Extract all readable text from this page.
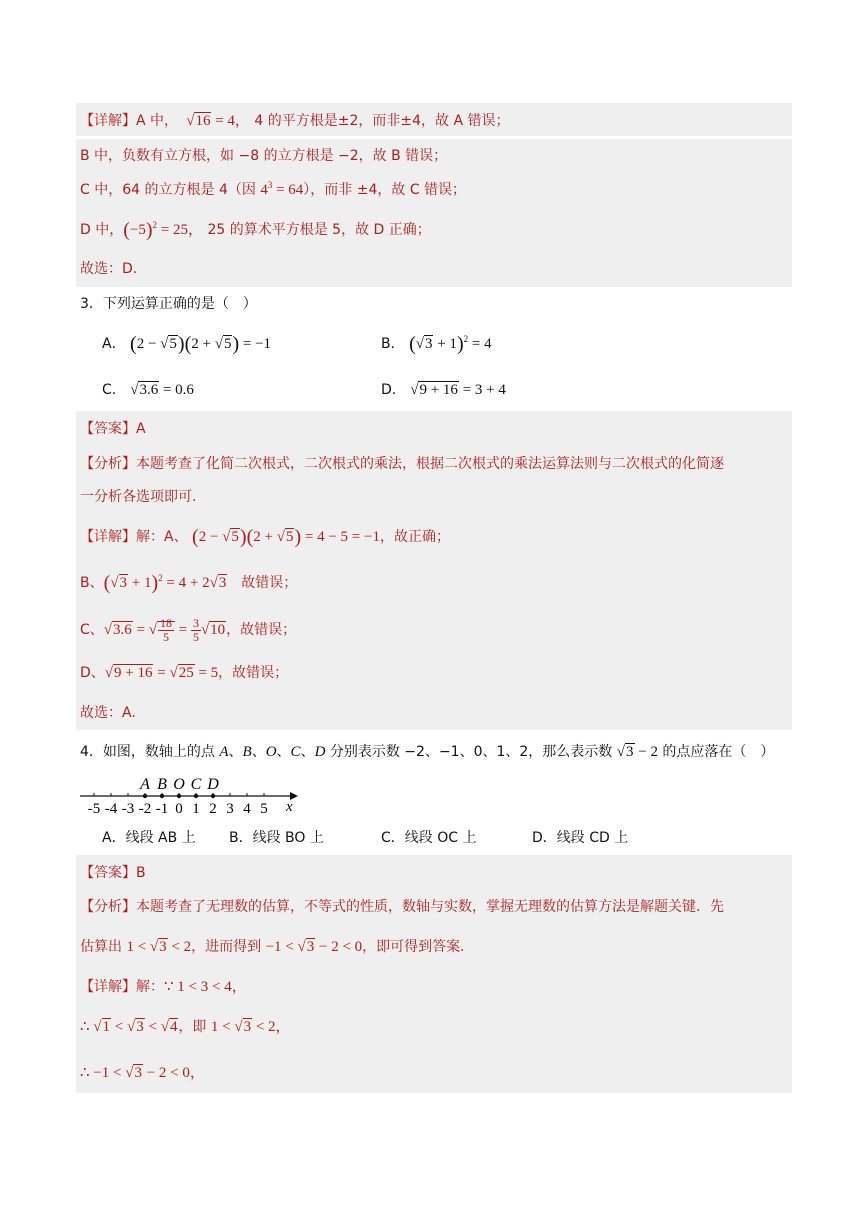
【详解】A 中，  √16 = 4， 4 的平方根是±2，而非±4，故 A 错误；
B 中，负数有立方根，如 −8 的立方根是 −2，故 B 错误；
C 中，64 的立方根是 4（因 $4^3 = 64$），而非 ±4，故 C 错误；
D 中，$(-5)^2 = 25$， 25 的算术平方根是 5，故 D 正确；
故选：D.
3．下列运算正确的是（　）
A． (2 − √5)(2 + √5) = −1	B． $(√3 + 1)^2 = 4$
C． √3.6 = 0.6	D． √9 + 16 = 3 + 4
【答案】A
【分析】本题考查了化简二次根式，二次根式的乘法，根据二次根式的乘法运算法则与二次根式的化简逐
一分析各选项即可.
【详解】解：A、 (2 − √5)(2 + √5) = 4 − 5 = −1，故正确；
B、$(√3 + 1)^2 = 4 + 2√3$　故错误；
C、√3.6 = √ $\frac{18}{5} = \frac{3}{5} √10$，故错误；
D、√9 + 16 = √25 = 5，故错误；
故选：A.
4．如图，数轴上的点 A、B、O、C、D 分别表示数 −2、−1、0、1、2，那么表示数 √3 − 2 的点应落在（　）
-5 -4 -3 -2 -1 0 1 2 3 4 5
A B O C D
x
A．线段 AB 上 B．线段 BO 上	C．线段 OC 上	D．线段 CD 上
【答案】B
【分析】本题考查了无理数的估算，不等式的性质，数轴与实数，掌握无理数的估算方法是解题关键．先
估算出 1 < √3 < 2，进而得到 −1 < √3 − 2 < 0，即可得到答案.
【详解】解：∵ 1 < 3 < 4，
∴ √1 < √3 < √4，即 1 < √3 < 2，
∴ −1 < √3 − 2 < 0，
